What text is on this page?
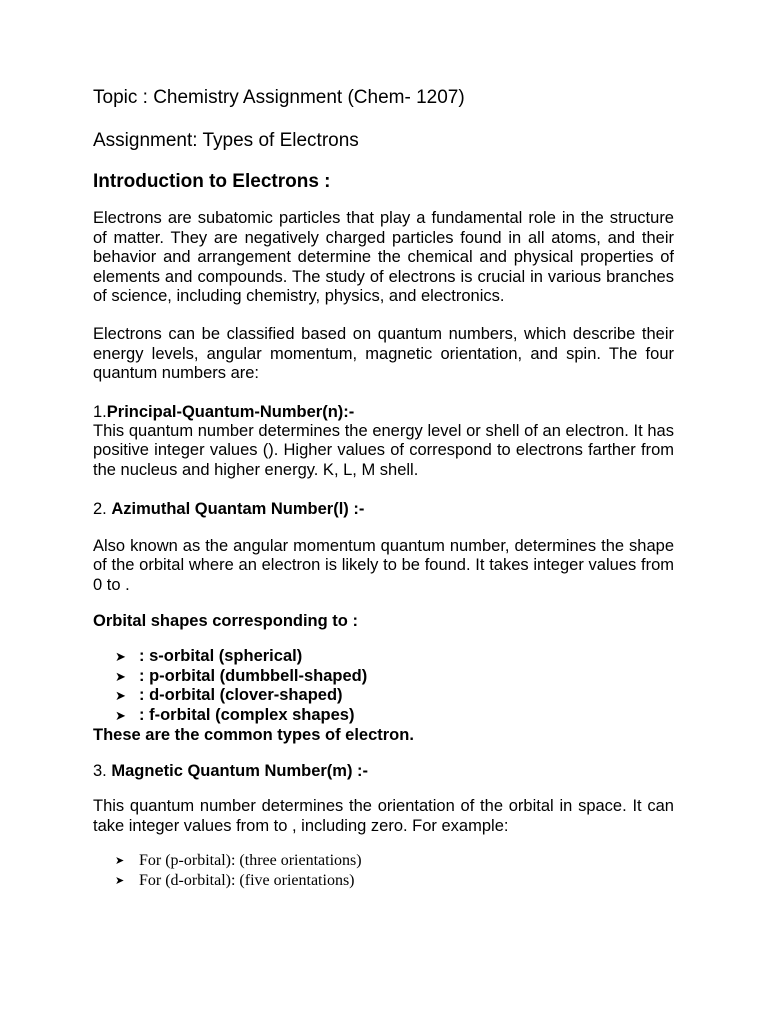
Topic : Chemistry Assignment (Chem- 1207)

Assignment: Types of Electrons

Introduction to Electrons :

Electrons are subatomic particles that play a fundamental role in the structure of matter. They are negatively charged particles found in all atoms, and their behavior and arrangement determine the chemical and physical properties of elements and compounds. The study of electrons is crucial in various branches of science, including chemistry, physics, and electronics.

Electrons can be classified based on quantum numbers, which describe their energy levels, angular momentum, magnetic orientation, and spin. The four quantum numbers are:

1.Principal-Quantum-Number(n):-

This quantum number determines the energy level or shell of an electron. It has positive integer values (). Higher values of correspond to electrons farther from the nucleus and higher energy. K, L, M shell.

2. Azimuthal Quantam Number(l) :-

Also known as the angular momentum quantum number, determines the shape of the orbital where an electron is likely to be found. It takes integer values from 0 to .

Orbital shapes corresponding to :

➤ : s-orbital (spherical)
➤ : p-orbital (dumbbell-shaped)
➤ : d-orbital (clover-shaped)
➤ : f-orbital (complex shapes)

These are the common types of electron.

3. Magnetic Quantum Number(m) :-

This quantum number determines the orientation of the orbital in space. It can take integer values from to , including zero. For example:

➤ For (p-orbital): (three orientations)
➤ For (d-orbital): (five orientations)
